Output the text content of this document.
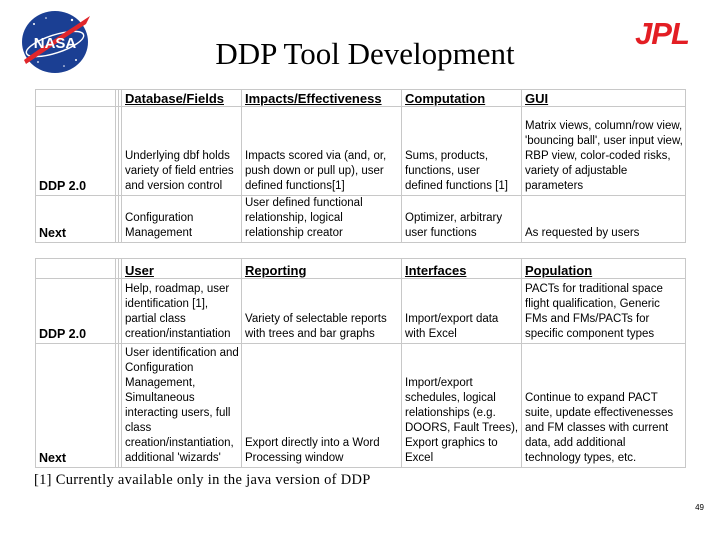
NASA	DDP Tool Development
JPL
			Database/Fields	Impacts/Effectiveness	Computation	GUI
DDP 2.0			Underlying dbf holds variety of field entries and version control	Impacts scored via (and, or, push down or pull up), user defined functions[1]	Sums, products, functions, user defined functions [1]	Matrix views, column/row view, 'bouncing ball', user input view, RBP view, color-coded risks, variety of adjustable parameters
Next			Configuration Management	User defined functional relationship, logical relationship creator	Optimizer, arbitrary user functions	As requested by users
			User	Reporting	Interfaces	Population
DDP 2.0			Help, roadmap, user identification [1], partial class creation/instantiation	Variety of selectable reports with trees and bar graphs	Import/export data with Excel	PACTs for traditional space flight qualification, Generic FMs and FMs/PACTs for specific component types
Next			User identification and Configuration Management, Simultaneous interacting users, full class creation/instantiation, additional 'wizards'	Export directly into a Word Processing window	Import/export schedules, logical relationships (e.g. DOORS, Fault Trees), Export graphics to Excel	Continue to expand PACT suite, update effectivenesses and FM classes with current data, add additional technology types, etc.
[1] Currently available only in the java version of DDP
49
